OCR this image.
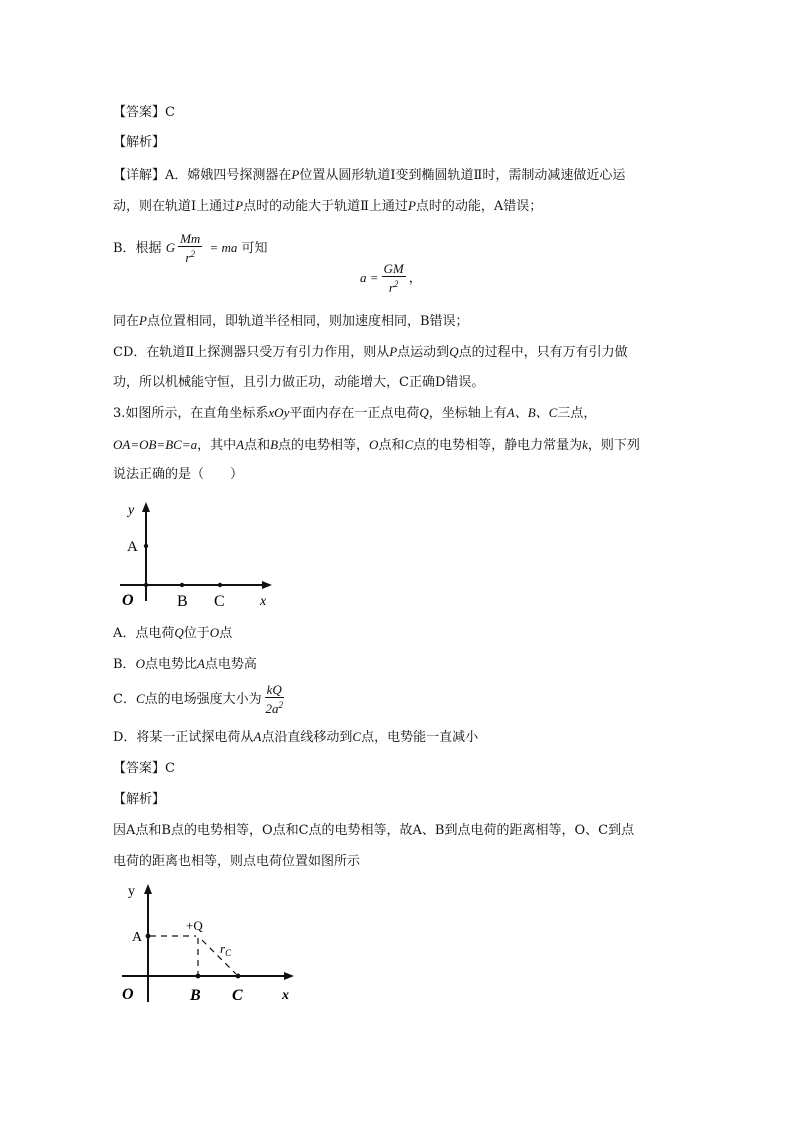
【答案】C
【解析】
【详解】A．嫦娥四号探测器在P位置从圆形轨道Ⅰ变到椭圆轨道Ⅱ时，需制动减速做近心运
动，则在轨道Ⅰ上通过P点时的动能大于轨道Ⅱ上通过P点时的动能，A错误；
B．根据 G $\frac{Mm}{r^2}$ = ma 可知
$a = \frac{GM}{r^2}$ ，
同在P点位置相同，即轨道半径相同，则加速度相同，B错误；
CD．在轨道Ⅱ上探测器只受万有引力作用，则从P点运动到Q点的过程中，只有万有引力做
功，所以机械能守恒，且引力做正功，动能增大，C正确D错误。
3.如图所示，在直角坐标系xOy平面内存在一正点电荷Q，坐标轴上有A、B、C三点，
OA=OB=BC=a，其中A点和B点的电势相等，O点和C点的电势相等，静电力常量为k，则下列
说法正确的是（　　）
y
A
O	B C	x
A．点电荷Q位于O点
B．O点电势比A点电势高
C．C点的电场强度大小为 $\frac{kQ}{2a^2}$
D．将某一正试探电荷从A点沿直线移动到C点，电势能一直减小
【答案】C
【解析】
因A点和B点的电势相等，O点和C点的电势相等，故A、B到点电荷的距离相等，O、C到点
电荷的距离也相等，则点电荷位置如图所示
y
A
+Q
$r_C$
O	B C	x
